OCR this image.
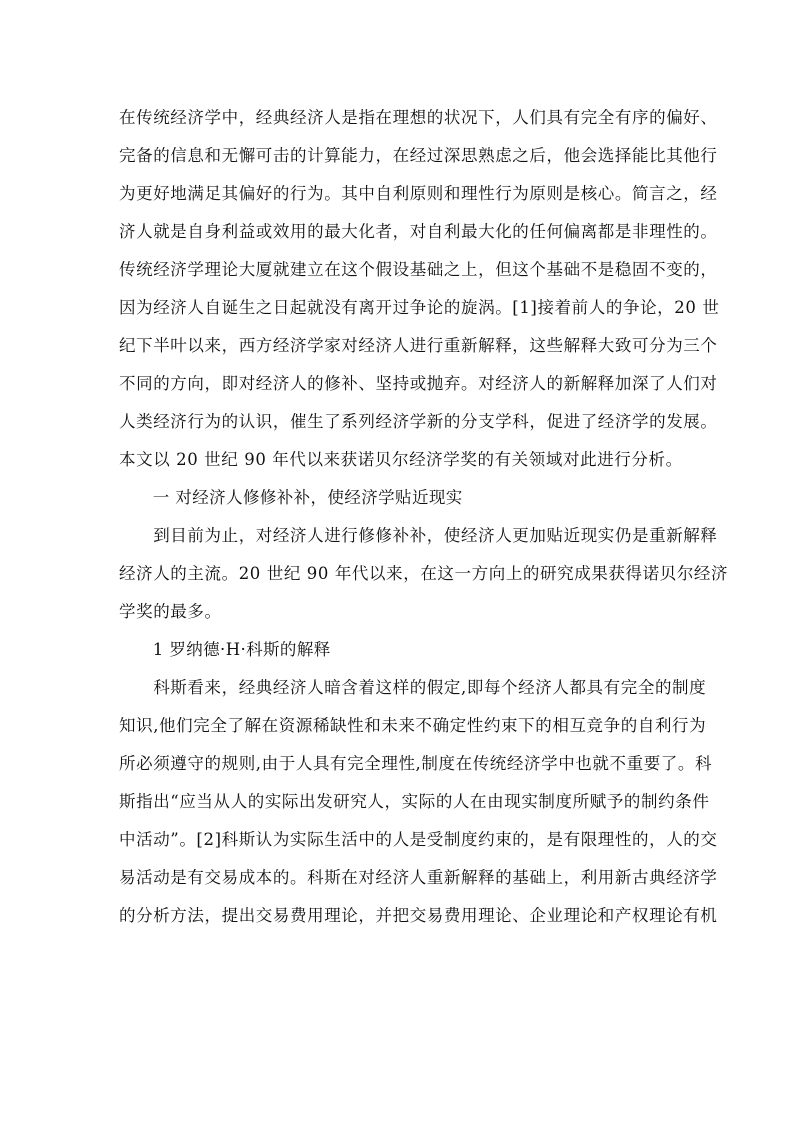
在传统经济学中，经典经济人是指在理想的状况下，人们具有完全有序的偏好、
完备的信息和无懈可击的计算能力，在经过深思熟虑之后，他会选择能比其他行
为更好地满足其偏好的行为。其中自利原则和理性行为原则是核心。简言之，经
济人就是自身利益或效用的最大化者，对自利最大化的任何偏离都是非理性的。
传统经济学理论大厦就建立在这个假设基础之上，但这个基础不是稳固不变的，
因为经济人自诞生之日起就没有离开过争论的旋涡。[1]接着前人的争论，20 世
纪下半叶以来，西方经济学家对经济人进行重新解释，这些解释大致可分为三个
不同的方向，即对经济人的修补、坚持或抛弃。对经济人的新解释加深了人们对
人类经济行为的认识，催生了系列经济学新的分支学科，促进了经济学的发展。
本文以 20 世纪 90 年代以来获诺贝尔经济学奖的有关领域对此进行分析。
　　一 对经济人修修补补，使经济学贴近现实
　　到目前为止，对经济人进行修修补补，使经济人更加贴近现实仍是重新解释
经济人的主流。20 世纪 90 年代以来，在这一方向上的研究成果获得诺贝尔经济
学奖的最多。
　　1 罗纳德·H·科斯的解释
　　科斯看来，经典经济人暗含着这样的假定,即每个经济人都具有完全的制度
知识,他们完全了解在资源稀缺性和未来不确定性约束下的相互竞争的自利行为
所必须遵守的规则,由于人具有完全理性,制度在传统经济学中也就不重要了。科
斯指出“应当从人的实际出发研究人，实际的人在由现实制度所赋予的制约条件
中活动”。[2]科斯认为实际生活中的人是受制度约束的，是有限理性的，人的交
易活动是有交易成本的。科斯在对经济人重新解释的基础上，利用新古典经济学
的分析方法，提出交易费用理论，并把交易费用理论、企业理论和产权理论有机
